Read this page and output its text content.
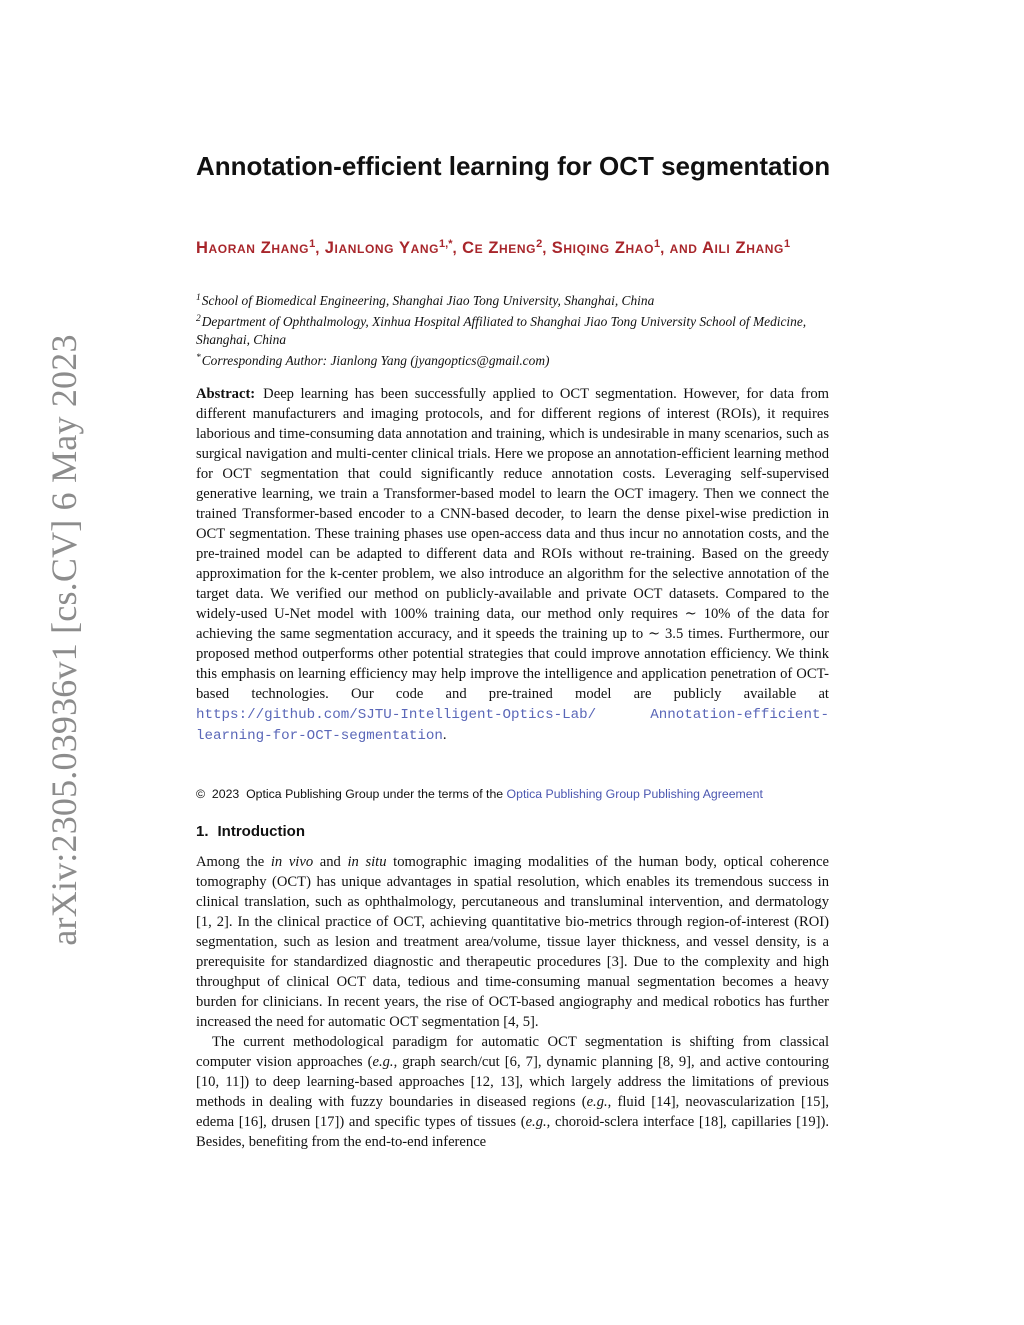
arXiv:2305.03936v1 [cs.CV] 6 May 2023
Annotation-efficient learning for OCT segmentation
Haoran Zhang$^1$, Jianlong Yang$^{1,*}$, Ce Zheng$^2$, Shiqing Zhao$^1$, and Aili Zhang$^1$
$^1$School of Biomedical Engineering, Shanghai Jiao Tong University, Shanghai, China
$^2$Department of Ophthalmology, Xinhua Hospital Affiliated to Shanghai Jiao Tong University School of Medicine, Shanghai, China
*Corresponding Author: Jianlong Yang (jyangoptics@gmail.com)

Abstract: Deep learning has been successfully applied to OCT segmentation. However, for data from different manufacturers and imaging protocols, and for different regions of interest (ROIs), it requires laborious and time-consuming data annotation and training, which is undesirable in many scenarios, such as surgical navigation and multi-center clinical trials. Here we propose an annotation-efficient learning method for OCT segmentation that could significantly reduce annotation costs. Leveraging self-supervised generative learning, we train a Transformer-based model to learn the OCT imagery. Then we connect the trained Transformer-based encoder to a CNN-based decoder, to learn the dense pixel-wise prediction in OCT segmentation. These training phases use open-access data and thus incur no annotation costs, and the pre-trained model can be adapted to different data and ROIs without re-training. Based on the greedy approximation for the k-center problem, we also introduce an algorithm for the selective annotation of the target data. We verified our method on publicly-available and private OCT datasets. Compared to the widely-used U-Net model with 100% training data, our method only requires ∼ 10% of the data for achieving the same segmentation accuracy, and it speeds the training up to ∼ 3.5 times. Furthermore, our proposed method outperforms other potential strategies that could improve annotation efficiency. We think this emphasis on learning efficiency may help improve the intelligence and application penetration of OCT-based technologies. Our code and pre-trained model are publicly available at https://github.com/SJTU-Intelligent-Optics-Lab/ Annotation-efficient-learning-for-OCT-segmentation.

© 2023 Optica Publishing Group under the terms of the Optica Publishing Group Publishing Agreement
1. Introduction

Among the in vivo and in situ tomographic imaging modalities of the human body, optical coherence tomography (OCT) has unique advantages in spatial resolution, which enables its tremendous success in clinical translation, such as ophthalmology, percutaneous and transluminal intervention, and dermatology [1, 2]. In the clinical practice of OCT, achieving quantitative bio-metrics through region-of-interest (ROI) segmentation, such as lesion and treatment area/volume, tissue layer thickness, and vessel density, is a prerequisite for standardized diagnostic and therapeutic procedures [3]. Due to the complexity and high throughput of clinical OCT data, tedious and time-consuming manual segmentation becomes a heavy burden for clinicians. In recent years, the rise of OCT-based angiography and medical robotics has further increased the need for automatic OCT segmentation [4, 5].

The current methodological paradigm for automatic OCT segmentation is shifting from classical computer vision approaches (e.g., graph search/cut [6, 7], dynamic planning [8, 9], and active contouring [10, 11]) to deep learning-based approaches [12, 13], which largely address the limitations of previous methods in dealing with fuzzy boundaries in diseased regions (e.g., fluid [14], neovascularization [15], edema [16], drusen [17]) and specific types of tissues (e.g., choroid-sclera interface [18], capillaries [19]). Besides, benefiting from the end-to-end inference
